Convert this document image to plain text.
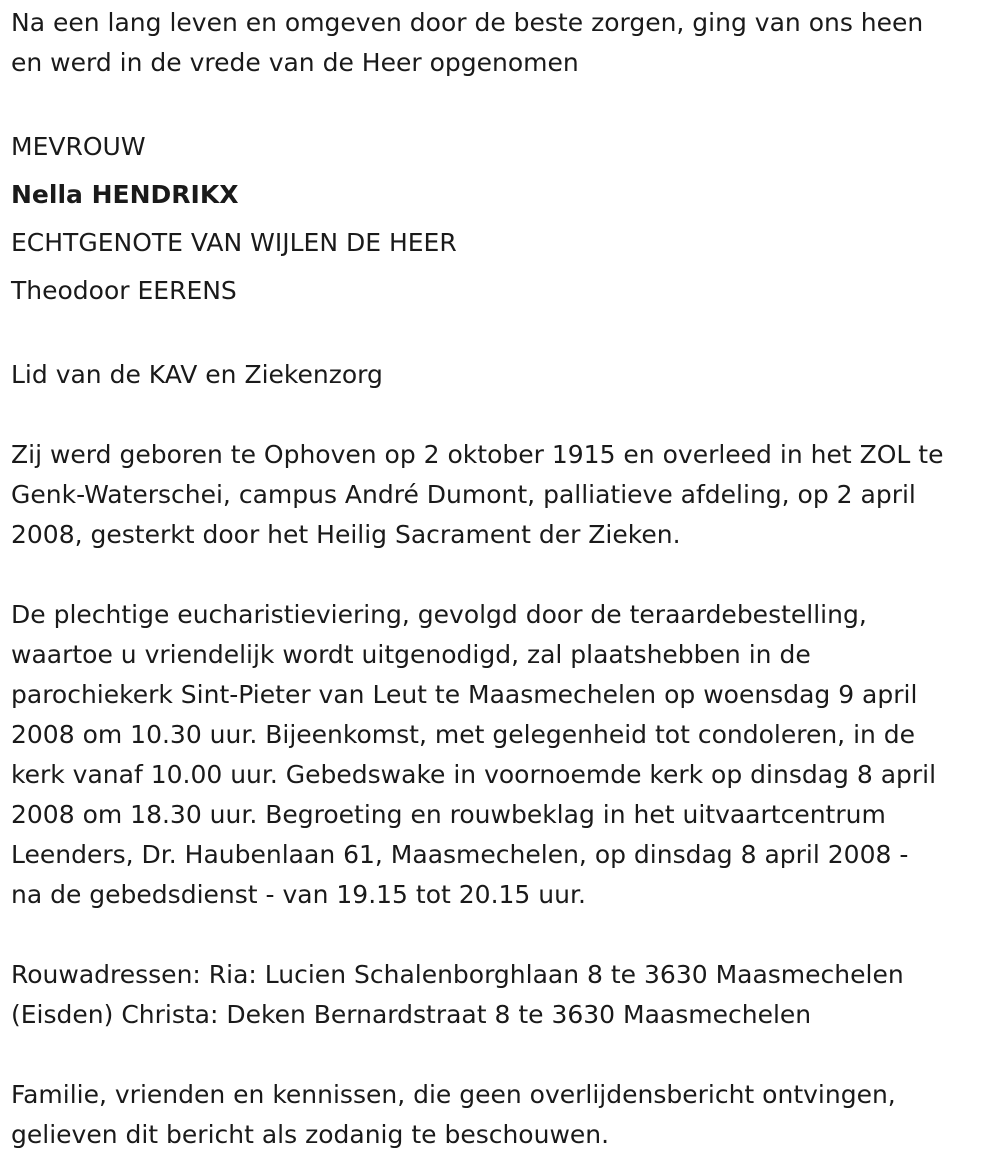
Na een lang leven en omgeven door de beste zorgen, ging van ons heen
en werd in de vrede van de Heer opgenomen

MEVROUW

Nella HENDRIKX

ECHTGENOTE VAN WIJLEN DE HEER

Theodoor EERENS

Lid van de KAV en Ziekenzorg
Zij werd geboren te Ophoven op 2 oktober 1915 en overleed in het ZOL te
Genk-Waterschei, campus André Dumont, palliatieve afdeling, op 2 april
2008, gesterkt door het Heilig Sacrament der Zieken.
De plechtige eucharistieviering, gevolgd door de teraardebestelling,
waartoe u vriendelijk wordt uitgenodigd, zal plaatshebben in de
parochiekerk Sint-Pieter van Leut te Maasmechelen op woensdag 9 april
2008 om 10.30 uur. Bijeenkomst, met gelegenheid tot condoleren, in de
kerk vanaf 10.00 uur. Gebedswake in voornoemde kerk op dinsdag 8 april
2008 om 18.30 uur. Begroeting en rouwbeklag in het uitvaartcentrum
Leenders, Dr. Haubenlaan 61, Maasmechelen, op dinsdag 8 april 2008 -
na de gebedsdienst - van 19.15 tot 20.15 uur.
Rouwadressen: Ria: Lucien Schalenborghlaan 8 te 3630 Maasmechelen
(Eisden) Christa: Deken Bernardstraat 8 te 3630 Maasmechelen
Familie, vrienden en kennissen, die geen overlijdensbericht ontvingen,
gelieven dit bericht als zodanig te beschouwen.
